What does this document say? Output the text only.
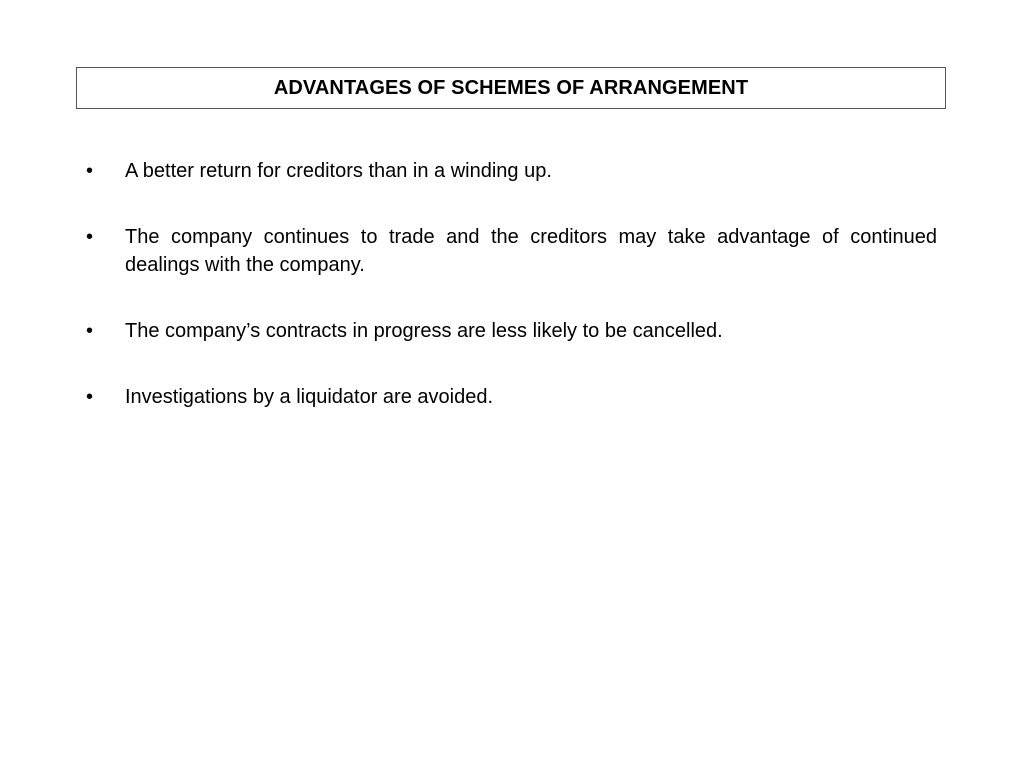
ADVANTAGES OF SCHEMES OF ARRANGEMENT
•	A better return for creditors than in a winding up.
•	The company continues to trade and the creditors may take advantage of continued dealings with the company.
•	The company’s contracts in progress are less likely to be cancelled.
•	Investigations by a liquidator are avoided.
